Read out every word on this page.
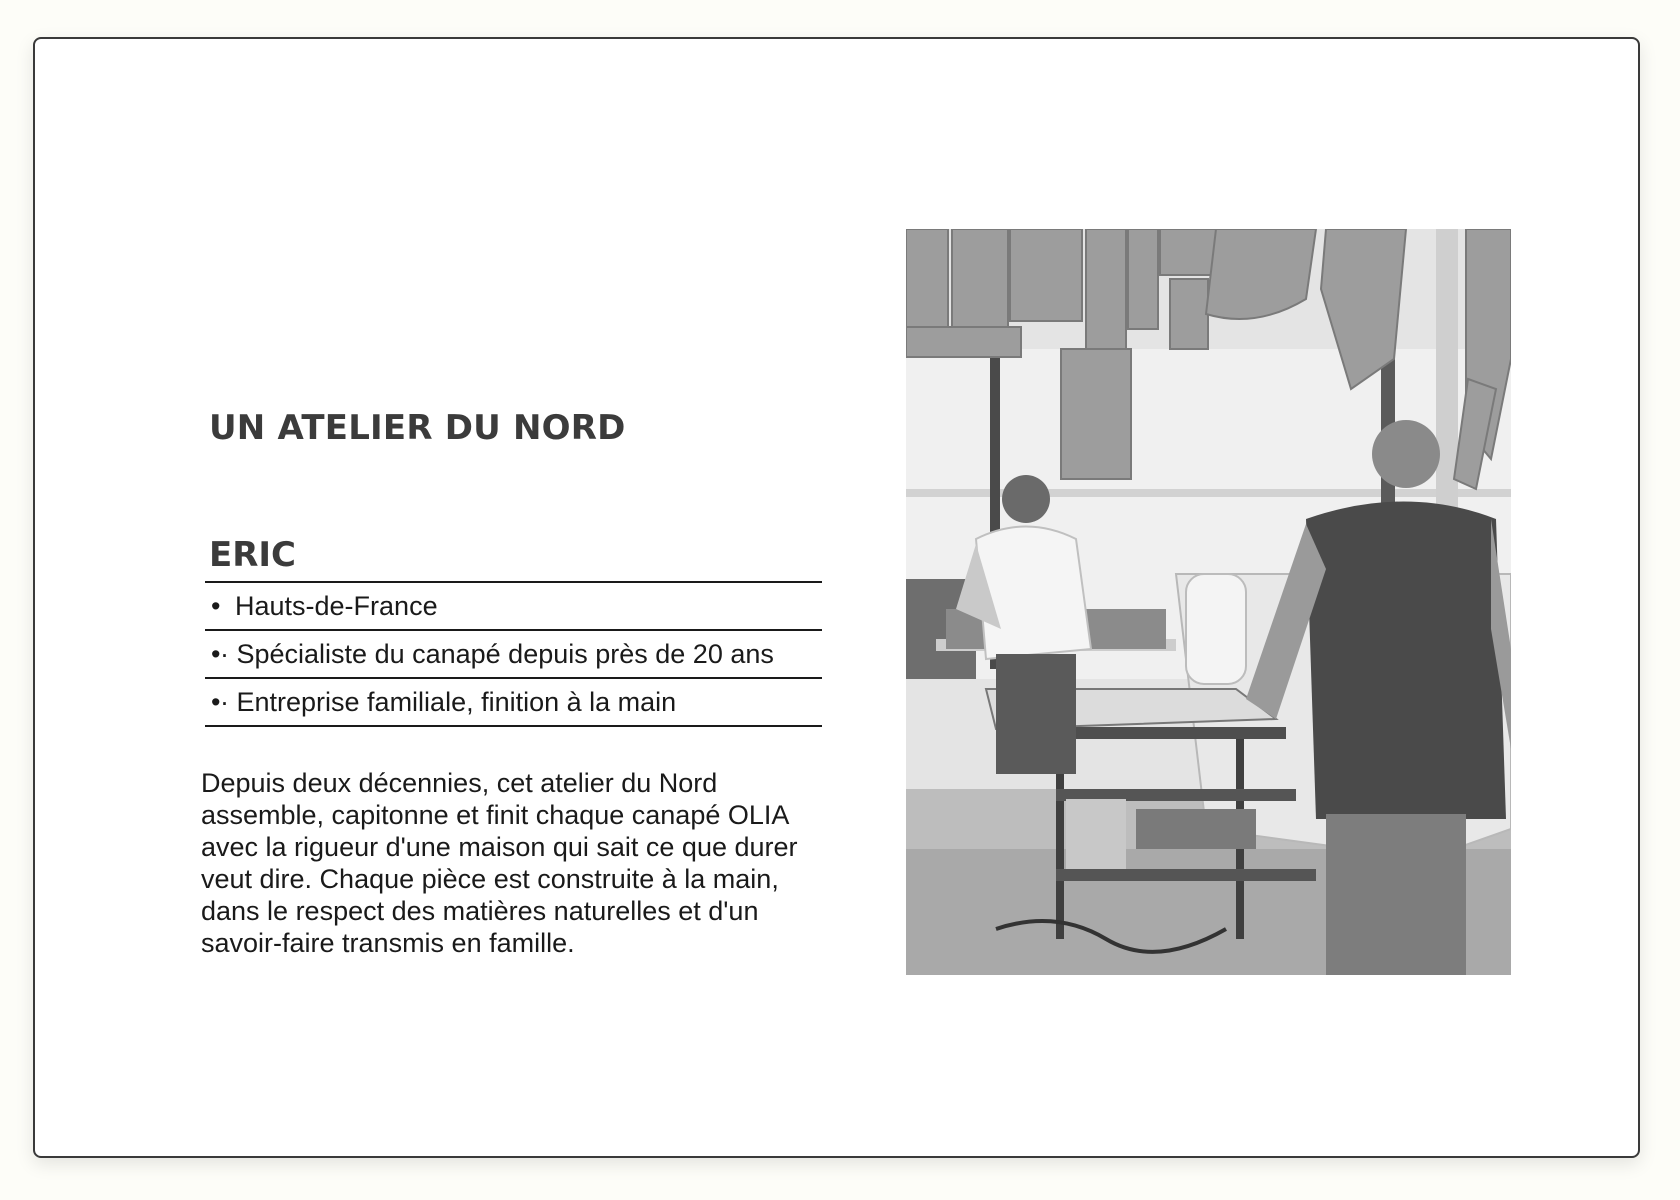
UN ATELIER DU NORD
ERIC
• Hauts-de-France
•· Spécialiste du canapé depuis près de 20 ans
•· Entreprise familiale, finition à la main

Depuis deux décennies, cet atelier du Nord assemble, capitonne et finit chaque canapé OLIA avec la rigueur d'une maison qui sait ce que durer veut dire. Chaque pièce est construite à la main, dans le respect des matières naturelles et d'un savoir-faire transmis en famille.
